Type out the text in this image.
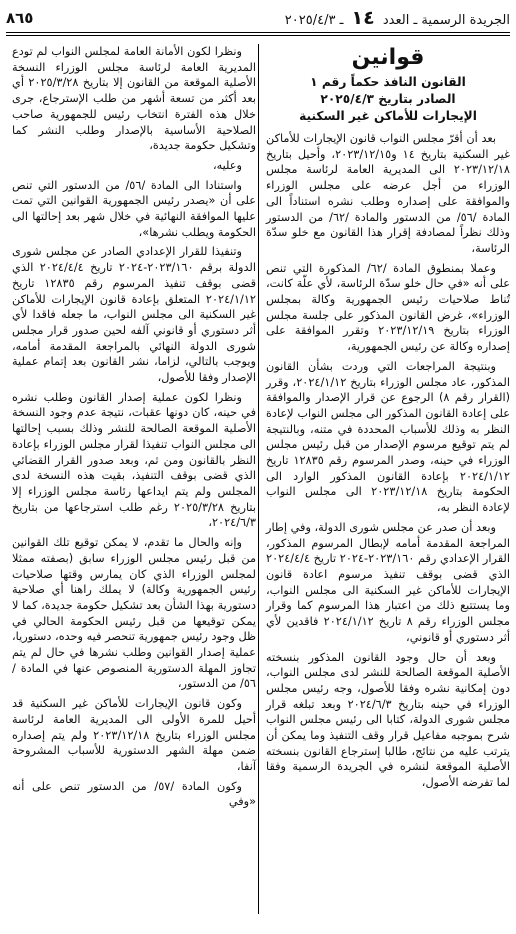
الجريدة الرسمية ـ العدد ١٤ ـ ٢٠٢٥/٤/٣
٨٦٥
قوانين
القانون النافذ حكماً رقم ١
الصادر بتاريخ ٢٠٢٥/٤/٣
الإيجارات للأماكن غير السكنية

بعد أن أقرّ مجلس النواب قانون الإيجارات للأماكن غير السكنية بتاريخ ١٤ و٢٠٢٣/١٢/١٥، وأحيل بتاريخ ٢٠٢٣/١٢/١٨ الى المديرية العامة لرئاسة مجلس الوزراء من أجل عرضه على مجلس الوزراء والموافقة على إصداره وطلب نشره استناداً الى المادة /٥٦/ من الدستور والمادة /٦٢/ من الدستور وذلك نظراً لمصادفة إقرار هذا القانون مع خلو سدّة الرئاسة،

وعملا بمنطوق المادة /٦٢/ المذكورة التي تنص على أنه «في حال خلو سدّة الرئاسة، لأي علّة كانت، تُناط صلاحيات رئيس الجمهورية وكالة بمجلس الوزراء»، غرض القانون المذكور على جلسة مجلس الوزراء بتاريخ ٢٠٢٣/١٢/١٩ وتقرر الموافقة على إصداره وكالة عن رئيس الجمهورية،

وبنتيجة المراجعات التي وردت بشأن القانون المذكور، عاد مجلس الوزراء بتاريخ ٢٠٢٤/١/١٢، وقرر (القرار رقم ٨) الرجوع عن قرار الإصدار والموافقة على إعادة القانون المذكور الى مجلس النواب لإعادة النظر به وذلك للأسباب المحددة في متنه، وبالنتيجة لم يتم توقيع مرسوم الإصدار من قبل رئيس مجلس الوزراء في حينه، وصدر المرسوم رقم ١٢٨٣٥ تاريخ ٢٠٢٤/١/١٢ بإعادة القانون المذكور الوارد الى الحكومة بتاريخ ٢٠٢٣/١٢/١٨ الى مجلس النواب لإعادة النظر به،

وبعد أن صدر عن مجلس شورى الدولة، وفي إطار المراجعة المقدمة أمامه لإبطال المرسوم المذكور، القرار الإعدادي رقم ٢٠٢٣/١٦٠-٢٠٢٤ تاريخ ٢٠٢٤/٤/٤ الذي قضى بوقف تنفيذ مرسوم اعادة قانون الإيجارات للأماكن غير السكنية الى مجلس النواب، وما يستتبع ذلك من اعتبار هذا المرسوم كما وقرار مجلس الوزراء رقم ٨ تاريخ ٢٠٢٤/١/١٢ فاقدين لأي أثر دستوري أو قانوني،

وبعد أن حال وجود القانون المذكور بنسخته الأصلية الموقعة الصالحة للنشر لدى مجلس النواب، دون إمكانية نشره وفقا للأصول، وجه رئيس مجلس الوزراء في حينه بتاريخ ٢٠٢٤/٦/٣ وبعد تبلغه قرار مجلس شورى الدولة، كتابا الى رئيس مجلس النواب شرح بموجبه مفاعيل قرار وقف التنفيذ وما يمكن أن يترتب عليه من نتائج، طالبا إسترجاع القانون بنسخته الأصلية الموقعة لنشره في الجريدة الرسمية وفقا لما تفرضه الأصول،

ونظرا لكون الأمانة العامة لمجلس النواب لم تودع المديرية العامة لرئاسة مجلس الوزراء النسخة الأصلية الموقعة من القانون إلا بتاريخ ٢٠٢٥/٣/٢٨ أي بعد أكثر من تسعة أشهر من طلب الإسترجاع، جرى خلال هذه الفترة انتخاب رئيس للجمهورية صاحب الصلاحية الأساسية بالإصدار وطلب النشر كما وتشكيل حكومة جديدة،

وعليه،

واستنادا الى المادة /٥٦/ من الدستور التي تنص على أن «يصدر رئيس الجمهورية القوانين التي تمت عليها الموافقة النهائية في خلال شهر بعد إحالتها الى الحكومة ويطلب نشرها»،

وتنفيذا للقرار الإعدادي الصادر عن مجلس شورى الدولة برقم ٢٠٢٣/١٦٠-٢٠٢٤ تاريخ ٢٠٢٤/٤/٤ الذي قضى بوقف تنفيذ المرسوم رقم ١٢٨٣٥ تاريخ ٢٠٢٤/١/١٢ المتعلق بإعادة قانون الإيجارات للأماكن غير السكنية الى مجلس النواب، ما جعله فاقدا لأي أثر دستوري أو قانوني آلفه لحين صدور قرار مجلس شورى الدولة النهائي بالمراجعة المقدمة أمامه، ويوجب بالتالي، لزاما، نشر القانون بعد إتمام عملية الإصدار وفقا للأصول،

ونظرا لكون عملية إصدار القانون وطلب نشره في حينه، كان دونها عقبات، نتيجة عدم وجود النسخة الأصلية الموقعة الصالحة للنشر وذلك بسبب إحالتها الى مجلس النواب تنفيذا لقرار مجلس الوزراء بإعادة النظر بالقانون ومن ثم، وبعد صدور القرار القضائي الذي قضى بوقف التنفيذ، بقيت هذه النسخة لدى المجلس ولم يتم ايداعها رئاسة مجلس الوزراء إلا بتاريخ ٢٠٢٥/٣/٢٨ رغم طلب استرجاعها من بتاريخ ٢٠٢٤/٦/٣،

وإنه والحال ما تقدم، لا يمكن توقيع تلك القوانين من قبل رئيس مجلس الوزراء سابق (بصفته ممثلا لمجلس الوزراء الذي كان يمارس وقتها صلاحيات رئيس الجمهورية وكالة) لا يملك راهنا أي صلاحية دستورية بهذا الشأن بعد تشكيل حكومة جديدة، كما لا يمكن توقيعها من قبل رئيس الحكومة الحالي في ظل وجود رئيس جمهورية تنحصر فيه وحده، دستوريا، عملية إصدار القوانين وطلب نشرها في حال لم يتم تجاوز المهلة الدستورية المنصوص عنها في المادة /٥٦/ من الدستور،

وكون قانون الإيجارات للأماكن غير السكنية قد أحيل للمرة الأولى الى المديرية العامة لرئاسة مجلس الوزراء بتاريخ ٢٠٢٣/١٢/١٨ ولم يتم إصداره ضمن مهلة الشهر الدستورية للأسباب المشروحة آنفا،

وكون المادة /٥٧/ من الدستور تنص على أنه «وفي
